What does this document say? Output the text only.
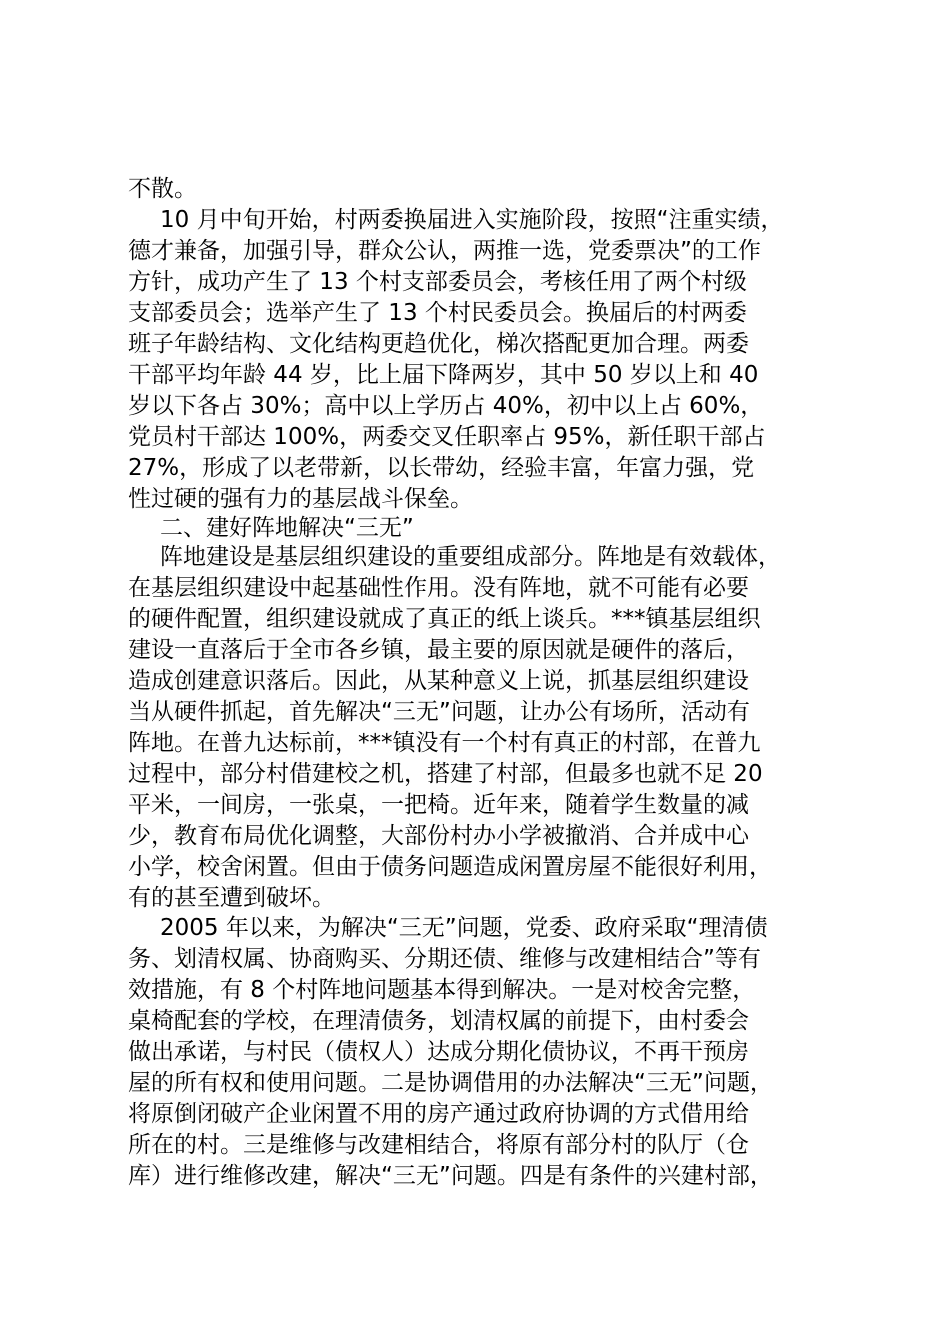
不散。
10 月中旬开始，村两委换届进入实施阶段，按照“注重实绩，
德才兼备，加强引导，群众公认，两推一选，党委票决”的工作
方针，成功产生了 13 个村支部委员会，考核任用了两个村级
支部委员会；选举产生了 13 个村民委员会。换届后的村两委
班子年龄结构、文化结构更趋优化，梯次搭配更加合理。两委
干部平均年龄 44 岁，比上届下降两岁，其中 50 岁以上和 40
岁以下各占 30%；高中以上学历占 40%，初中以上占 60%，
党员村干部达 100%，两委交叉任职率占 95%，新任职干部占
27%，形成了以老带新，以长带幼，经验丰富，年富力强，党
性过硬的强有力的基层战斗保垒。
二、建好阵地解决“三无”
阵地建设是基层组织建设的重要组成部分。阵地是有效载体，
在基层组织建设中起基础性作用。没有阵地，就不可能有必要
的硬件配置，组织建设就成了真正的纸上谈兵。***镇基层组织
建设一直落后于全市各乡镇，最主要的原因就是硬件的落后，
造成创建意识落后。因此，从某种意义上说，抓基层组织建设
当从硬件抓起，首先解决“三无”问题，让办公有场所，活动有
阵地。在普九达标前，***镇没有一个村有真正的村部，在普九
过程中，部分村借建校之机，搭建了村部，但最多也就不足 20
平米，一间房，一张桌，一把椅。近年来，随着学生数量的减
少，教育布局优化调整，大部份村办小学被撤消、合并成中心
小学，校舍闲置。但由于债务问题造成闲置房屋不能很好利用，
有的甚至遭到破坏。
2005 年以来，为解决“三无”问题，党委、政府采取“理清债
务、划清权属、协商购买、分期还债、维修与改建相结合”等有
效措施，有 8 个村阵地问题基本得到解决。一是对校舍完整，
桌椅配套的学校，在理清债务，划清权属的前提下，由村委会
做出承诺，与村民（债权人）达成分期化债协议，不再干预房
屋的所有权和使用问题。二是协调借用的办法解决“三无”问题，
将原倒闭破产企业闲置不用的房产通过政府协调的方式借用给
所在的村。三是维修与改建相结合，将原有部分村的队厅（仓
库）进行维修改建，解决“三无”问题。四是有条件的兴建村部，
